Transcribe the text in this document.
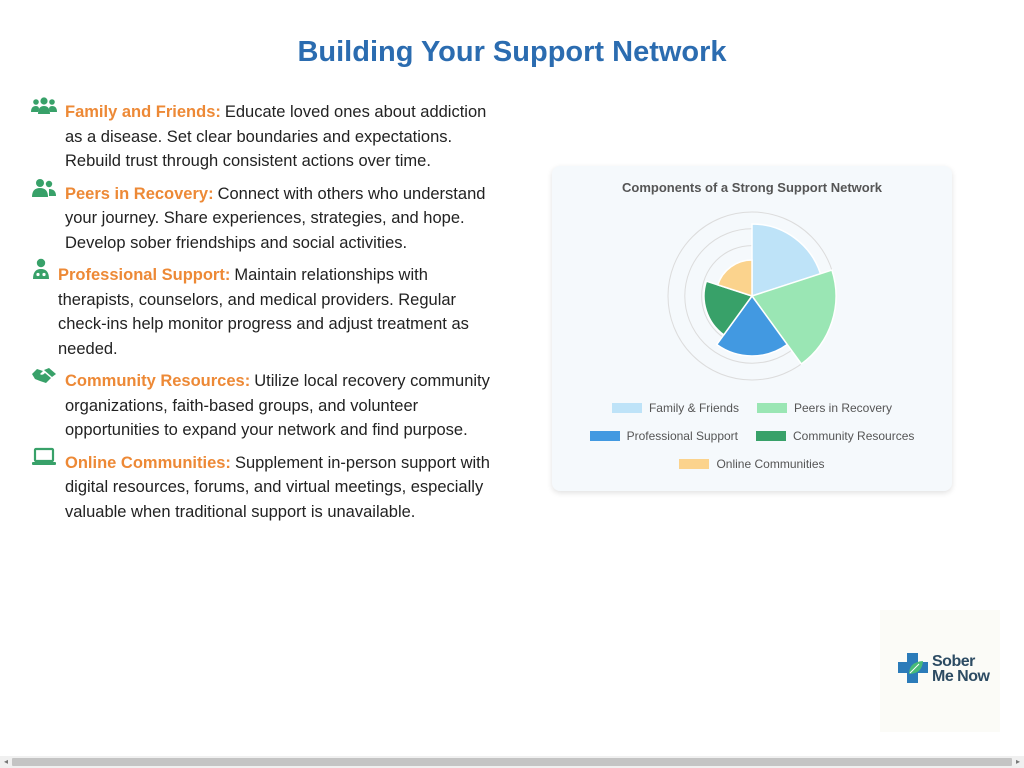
Building Your Support Network
Family and Friends: Educate loved ones about addiction as a disease. Set clear boundaries and expectations. Rebuild trust through consistent actions over time.
Peers in Recovery: Connect with others who understand your journey. Share experiences, strategies, and hope. Develop sober friendships and social activities.
Professional Support: Maintain relationships with therapists, counselors, and medical providers. Regular check-ins help monitor progress and adjust treatment as needed.
Community Resources: Utilize local recovery community organizations, faith-based groups, and volunteer opportunities to expand your network and find purpose.
Online Communities: Supplement in-person support with digital resources, forums, and virtual meetings, especially valuable when traditional support is unavailable.
Components of a Strong Support Network
Family & Friends	Peers in Recovery
Professional Support	Community Resources
Online Communities
Sober
Me Now
◂	▸
